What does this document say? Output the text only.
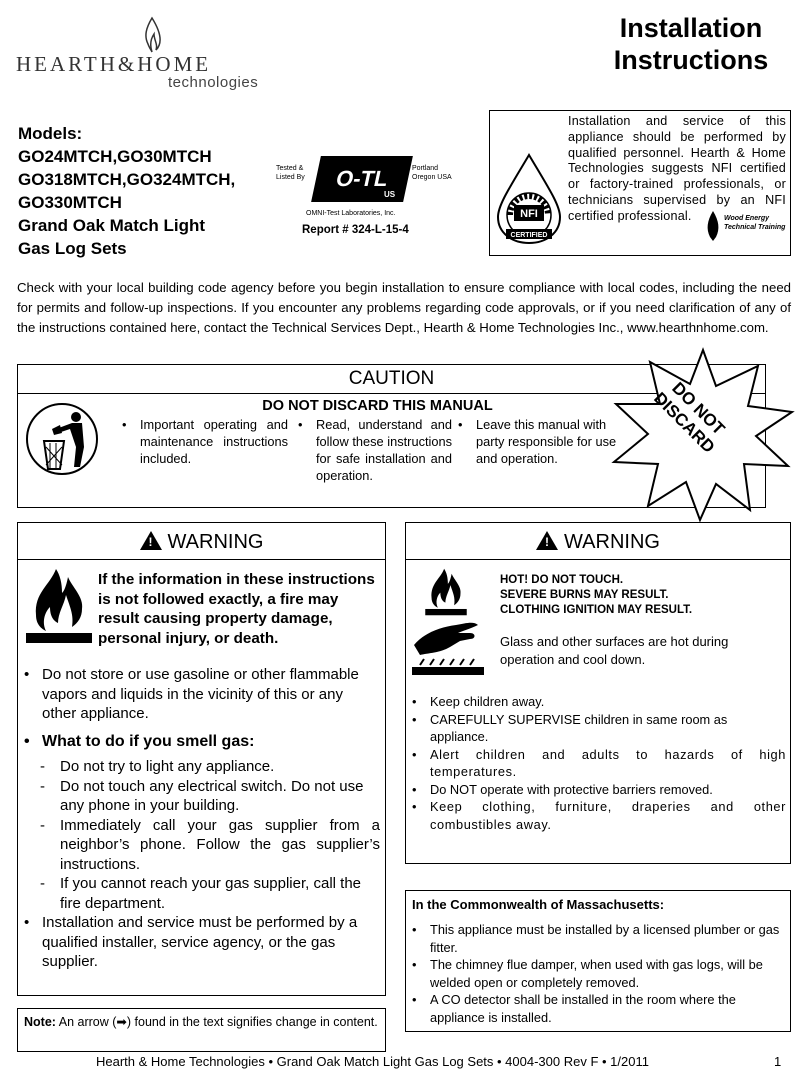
HEARTH&HOME
technologies
Installation
Instructions
Models:
GO24MTCH,GO30MTCH
GO318MTCH,GO324MTCH,
GO330MTCH
Grand Oak Match Light
Gas Log Sets
Tested & Listed By	O-TL
US
Portland Oregon USA
OMNI-Test Laboratories, Inc.
Report # 324-L-15-4
NFI
CERTIFIED
Installation and service of this appliance should be performed by qualified personnel. Hearth & Home Technologies suggests NFI certified or factory-trained professionals, or technicians supervised by an NFI certified professional.	Wood Energy
Technical Training
Check with your local building code agency before you begin installation to ensure compliance with local codes, including the need for permits and follow-up inspections. If you encounter any problems regarding code approvals, or if you need clarification of any of the instructions contained here, contact the Technical Services Dept., Hearth & Home Technologies Inc., www.hearthnhome.com.
CAUTION
DO NOT DISCARD THIS MANUAL
• Important operating and maintenance instructions included.
• Read, understand and follow these instructions for safe installation and operation.
• Leave this manual with party responsible for use and operation.
DO NOT DISCARD
! WARNING
If the information in these instructions is not followed exactly, a fire may result causing property damage, personal injury, or death.
• Do not store or use gasoline or other flammable vapors and liquids in the vicinity of this or any other appliance.
• What to do if you smell gas:
- Do not try to light any appliance.
- Do not touch any electrical switch. Do not use any phone in your building.
- Immediately call your gas supplier from a neighbor’s phone. Follow the gas supplier’s instructions.
- If you cannot reach your gas supplier, call the fire department.
• Installation and service must be performed by a qualified installer, service agency, or the gas supplier.
Note: An arrow (➡) found in the text signifies change in content.
! WARNING
HOT! DO NOT TOUCH.
SEVERE BURNS MAY RESULT.
CLOTHING IGNITION MAY RESULT.
Glass and other surfaces are hot during operation and cool down.
• Keep children away.
• CAREFULLY SUPERVISE children in same room as appliance.
• Alert children and adults to hazards of high temperatures.
• Do NOT operate with protective barriers removed.
• Keep clothing, furniture, draperies and other combustibles away.
In the Commonwealth of Massachusetts:
• This appliance must be installed by a licensed plumber or gas fitter.
• The chimney flue damper, when used with gas logs, will be welded open or completely removed.
• A CO detector shall be installed in the room where the appliance is installed.
Hearth & Home Technologies • Grand Oak Match Light Gas Log Sets • 4004-300 Rev F • 1/2011	1
